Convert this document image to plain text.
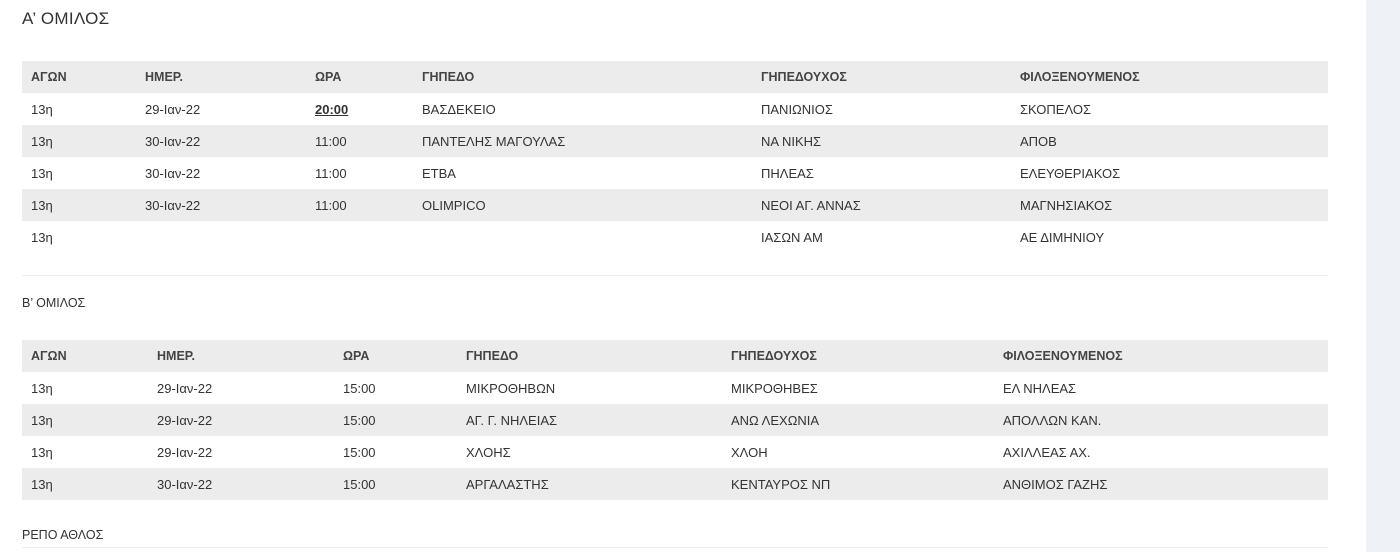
Α’ ΟΜΙΛΟΣ
ΑΓΩΝ	ΗΜΕΡ.	ΩΡΑ	ΓΗΠΕΔΟ	ΓΗΠΕΔΟΥΧΟΣ	ΦΙΛΟΞΕΝΟΥΜΕΝΟΣ
13η	29-Ιαν-22	20:00	ΒΑΣΔΕΚΕΙΟ	ΠΑΝΙΩΝΙΟΣ	ΣΚΟΠΕΛΟΣ
13η	30-Ιαν-22	11:00	ΠΑΝΤΕΛΗΣ ΜΑΓΟΥΛΑΣ	ΝΑ ΝΙΚΗΣ	ΑΠΟΒ
13η	30-Ιαν-22	11:00	ΕΤΒΑ	ΠΗΛΕΑΣ	ΕΛΕΥΘΕΡΙΑΚΟΣ
13η	30-Ιαν-22	11:00	OLIMPICO	ΝΕΟΙ ΑΓ. ΑΝΝΑΣ	ΜΑΓΝΗΣΙΑΚΟΣ
13η				ΙΑΣΩΝ ΑΜ	ΑΕ ΔΙΜΗΝΙΟΥ
Β’ ΟΜΙΛΟΣ
ΑΓΩΝ	ΗΜΕΡ.	ΩΡΑ	ΓΗΠΕΔΟ	ΓΗΠΕΔΟΥΧΟΣ	ΦΙΛΟΞΕΝΟΥΜΕΝΟΣ
13η	29-Ιαν-22	15:00	ΜΙΚΡΟΘΗΒΩΝ	ΜΙΚΡΟΘΗΒΕΣ	ΕΛ ΝΗΛΕΑΣ
13η	29-Ιαν-22	15:00	ΑΓ. Γ. ΝΗΛΕΙΑΣ	ΑΝΩ ΛΕΧΩΝΙΑ	ΑΠΟΛΛΩΝ ΚΑΝ.
13η	29-Ιαν-22	15:00	ΧΛΟΗΣ	ΧΛΟΗ	ΑΧΙΛΛΕΑΣ ΑΧ.
13η	30-Ιαν-22	15:00	ΑΡΓΑΛΑΣΤΗΣ	ΚΕΝΤΑΥΡΟΣ ΝΠ	ΑΝΘΙΜΟΣ ΓΑΖΗΣ
ΡΕΠΟ ΑΘΛΟΣ
